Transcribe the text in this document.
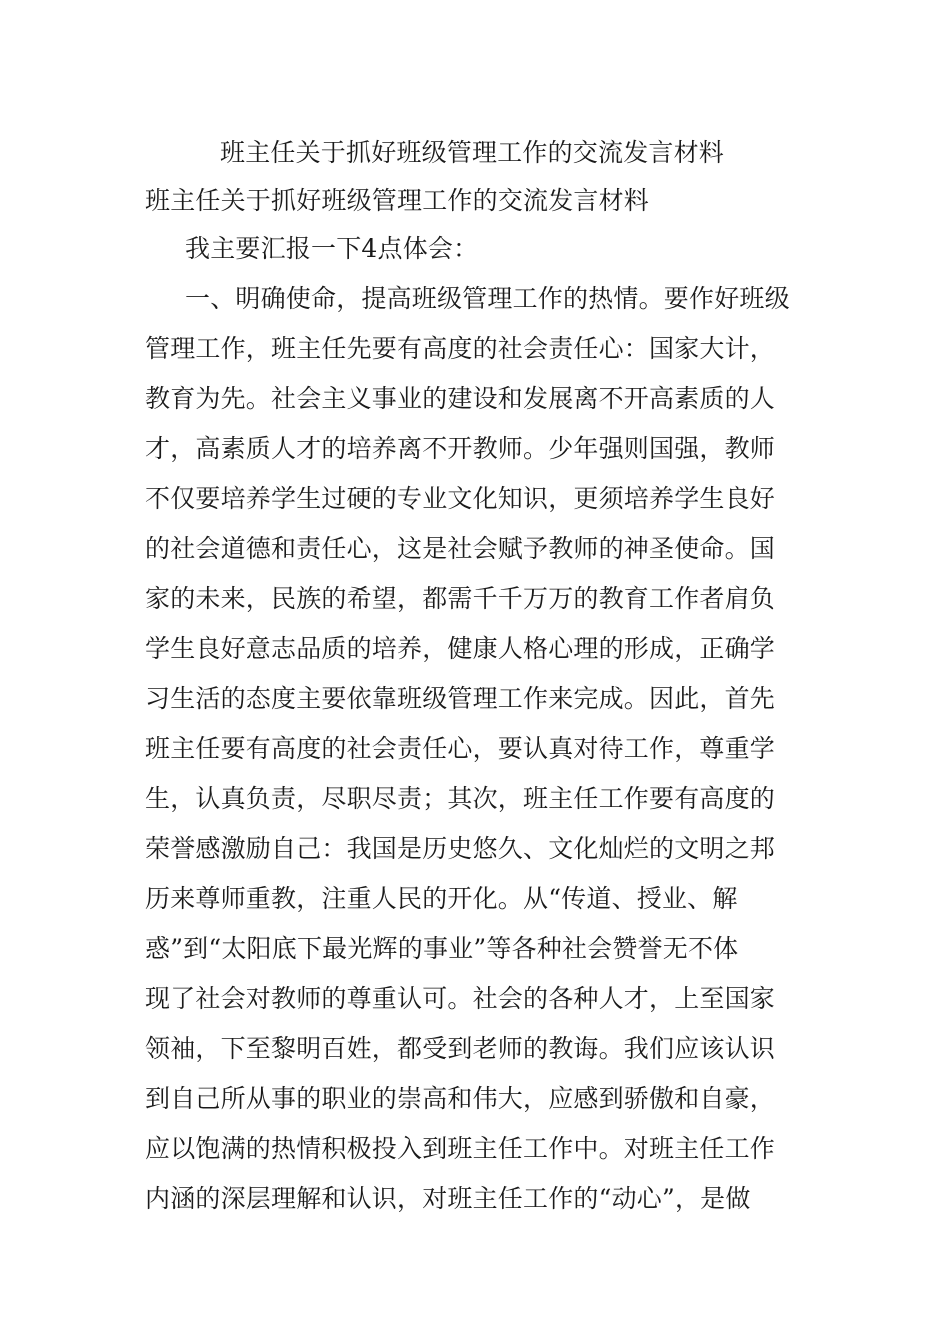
班主任关于抓好班级管理工作的交流发言材料
班主任关于抓好班级管理工作的交流发言材料
我主要汇报一下4点体会：
一、明确使命，提高班级管理工作的热情。要作好班级
管理工作，班主任先要有高度的社会责任心：国家大计，
教育为先。社会主义事业的建设和发展离不开高素质的人
才，高素质人才的培养离不开教师。少年强则国强，教师
不仅要培养学生过硬的专业文化知识，更须培养学生良好
的社会道德和责任心，这是社会赋予教师的神圣使命。国
家的未来，民族的希望，都需千千万万的教育工作者肩负
学生良好意志品质的培养，健康人格心理的形成，正确学
习生活的态度主要依靠班级管理工作来完成。因此，首先
班主任要有高度的社会责任心，要认真对待工作，尊重学
生，认真负责，尽职尽责；其次，班主任工作要有高度的
荣誉感激励自己：我国是历史悠久、文化灿烂的文明之邦
历来尊师重教，注重人民的开化。从“传道、授业、解
惑”到“太阳底下最光辉的事业”等各种社会赞誉无不体
现了社会对教师的尊重认可。社会的各种人才，上至国家
领袖，下至黎明百姓，都受到老师的教诲。我们应该认识
到自己所从事的职业的崇高和伟大，应感到骄傲和自豪，
应以饱满的热情积极投入到班主任工作中。对班主任工作
内涵的深层理解和认识，对班主任工作的“动心”，是做
